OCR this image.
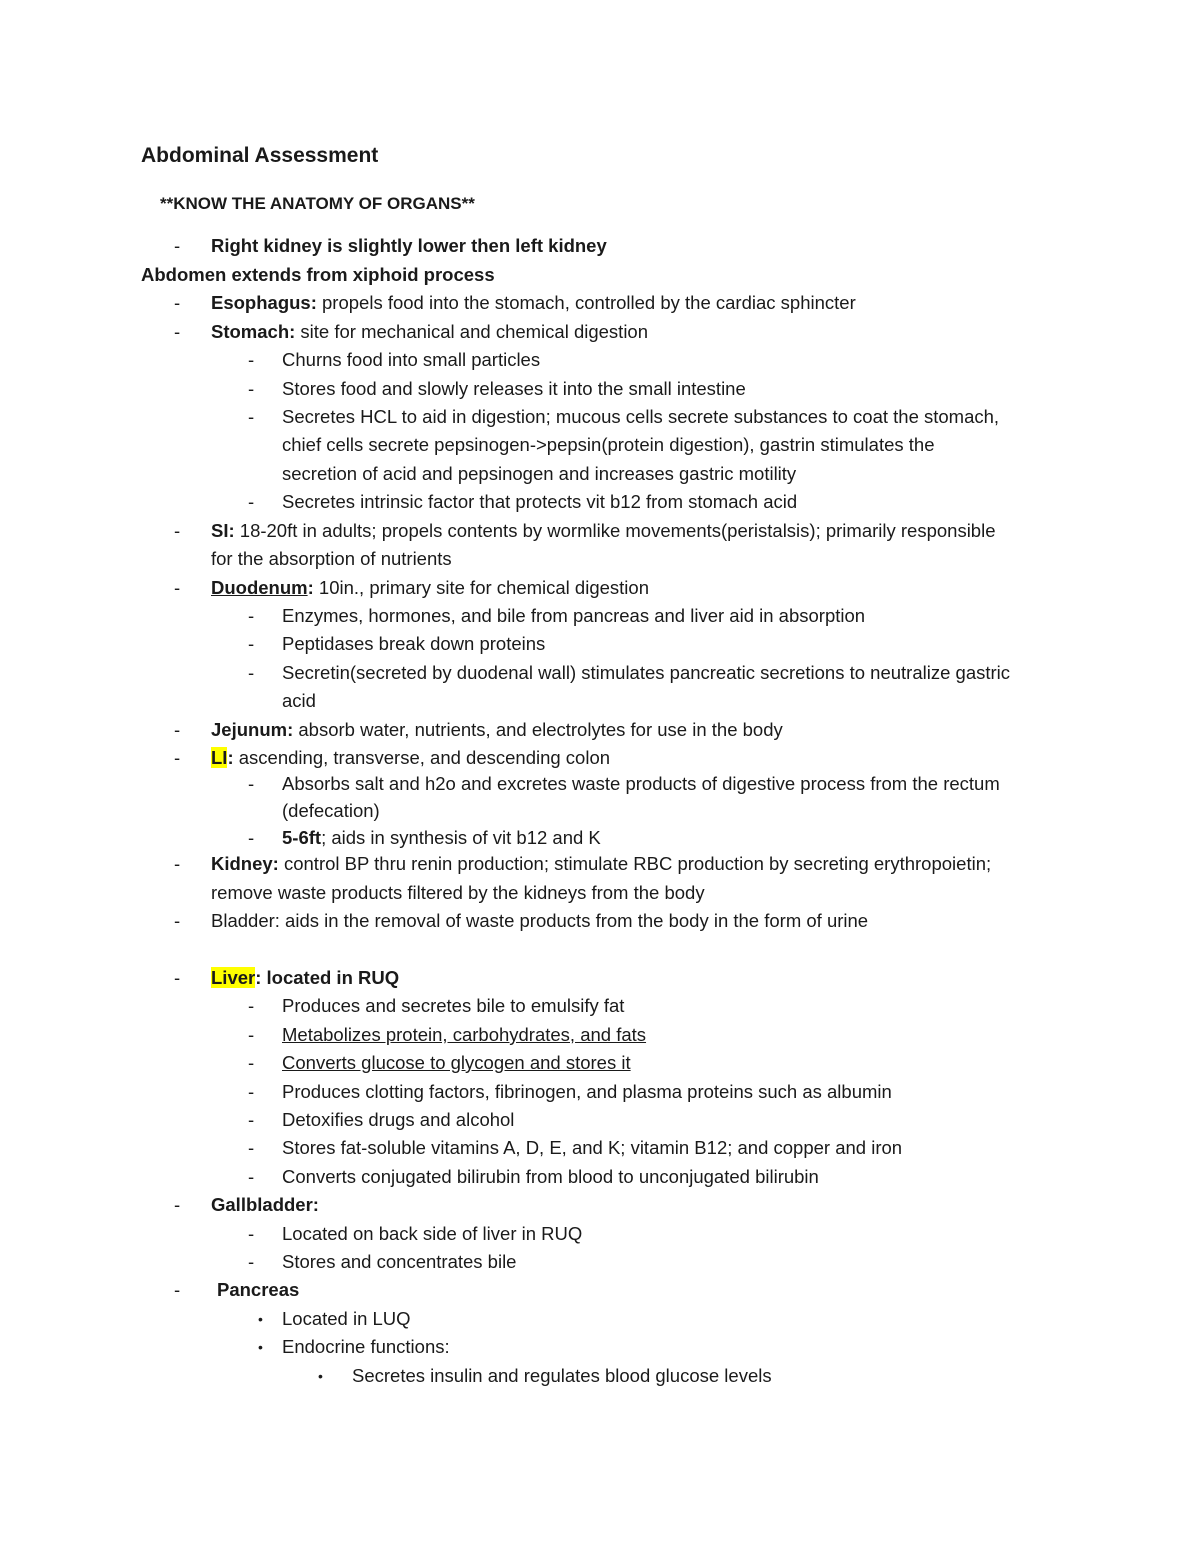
Abdominal Assessment
**KNOW THE ANATOMY OF ORGANS**
- Right kidney is slightly lower then left kidney
Abdomen extends from xiphoid process
- Esophagus: propels food into the stomach, controlled by the cardiac sphincter
- Stomach: site for mechanical and chemical digestion
- Churns food into small particles
- Stores food and slowly releases it into the small intestine
- Secretes HCL to aid in digestion; mucous cells secrete substances to coat the stomach,
chief cells secrete pepsinogen->pepsin(protein digestion), gastrin stimulates the
secretion of acid and pepsinogen and increases gastric motility
- Secretes intrinsic factor that protects vit b12 from stomach acid
- SI: 18-20ft in adults; propels contents by wormlike movements(peristalsis); primarily responsible
for the absorption of nutrients
- Duodenum: 10in., primary site for chemical digestion
- Enzymes, hormones, and bile from pancreas and liver aid in absorption
- Peptidases break down proteins
- Secretin(secreted by duodenal wall) stimulates pancreatic secretions to neutralize gastric
acid
- Jejunum: absorb water, nutrients, and electrolytes for use in the body
- LI: ascending, transverse, and descending colon
- Absorbs salt and h2o and excretes waste products of digestive process from the rectum
(defecation)
- 5-6ft; aids in synthesis of vit b12 and K
- Kidney: control BP thru renin production; stimulate RBC production by secreting erythropoietin;
remove waste products filtered by the kidneys from the body
- Bladder: aids in the removal of waste products from the body in the form of urine
- Liver: located in RUQ
- Produces and secretes bile to emulsify fat
- Metabolizes protein, carbohydrates, and fats
- Converts glucose to glycogen and stores it
- Produces clotting factors, fibrinogen, and plasma proteins such as albumin
- Detoxifies drugs and alcohol
- Stores fat-soluble vitamins A, D, E, and K; vitamin B12; and copper and iron
- Converts conjugated bilirubin from blood to unconjugated bilirubin
- Gallbladder:
- Located on back side of liver in RUQ
- Stores and concentrates bile
- Pancreas
• Located in LUQ
• Endocrine functions:
• Secretes insulin and regulates blood glucose levels
